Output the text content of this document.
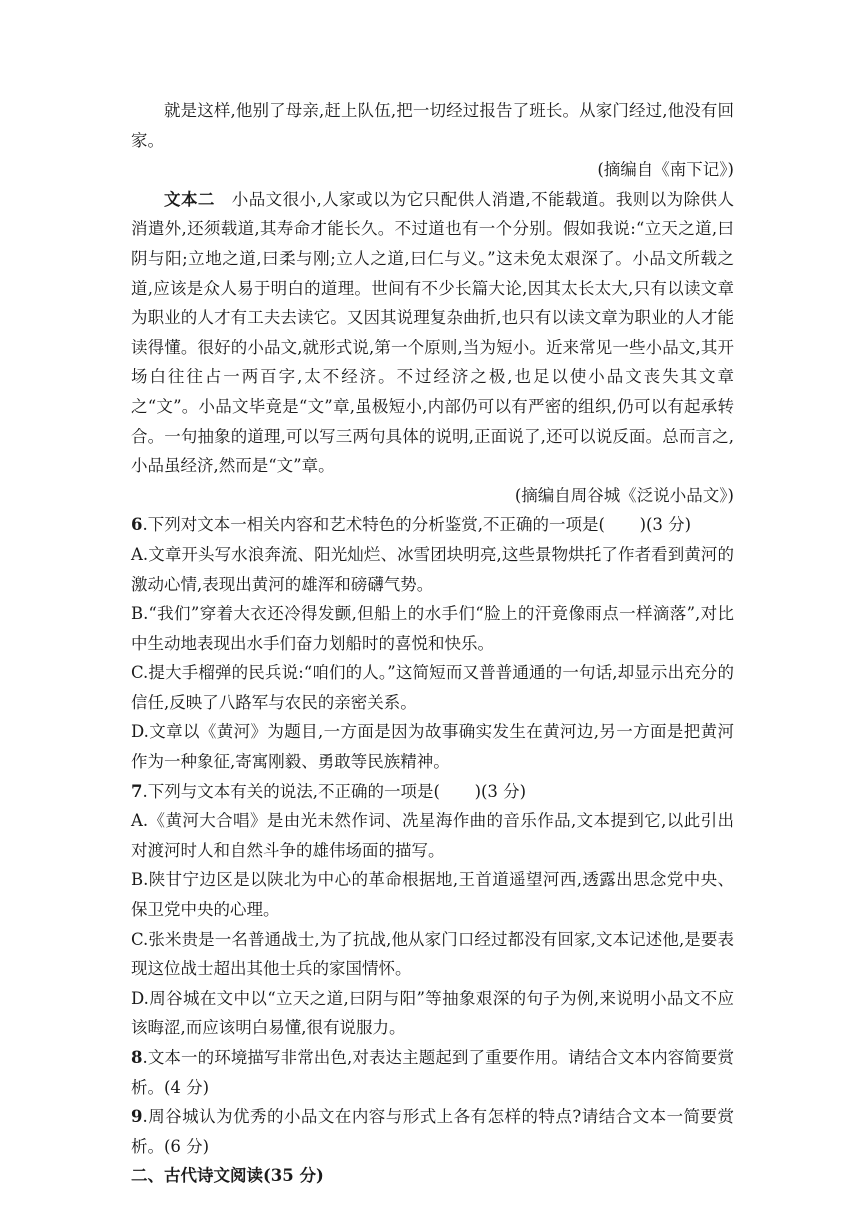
就是这样,他别了母亲,赶上队伍,把一切经过报告了班长。从家门经过,他没有回家。

(摘编自《南下记》)

文本二 小品文很小,人家或以为它只配供人消遣,不能载道。我则以为除供人消遣外,还须载道,其寿命才能长久。不过道也有一个分别。假如我说:“立天之道,曰阴与阳;立地之道,曰柔与刚;立人之道,曰仁与义。”这未免太艰深了。小品文所载之道,应该是众人易于明白的道理。世间有不少长篇大论,因其太长太大,只有以读文章为职业的人才有工夫去读它。又因其说理复杂曲折,也只有以读文章为职业的人才能读得懂。很好的小品文,就形式说,第一个原则,当为短小。近来常见一些小品文,其开场白往往占一两百字,太不经济。不过经济之极,也足以使小品文丧失其文章之“文”。小品文毕竟是“文”章,虽极短小,内部仍可以有严密的组织,仍可以有起承转合。一句抽象的道理,可以写三两句具体的说明,正面说了,还可以说反面。总而言之,小品虽经济,然而是“文”章。

(摘编自周谷城《泛说小品文》)

6.下列对文本一相关内容和艺术特色的分析鉴赏,不正确的一项是( )(3 分)

A.文章开头写水浪奔流、阳光灿烂、冰雪团块明亮,这些景物烘托了作者看到黄河的激动心情,表现出黄河的雄浑和磅礴气势。

B.“我们”穿着大衣还冷得发颤,但船上的水手们“脸上的汗竟像雨点一样滴落”,对比中生动地表现出水手们奋力划船时的喜悦和快乐。

C.提大手榴弹的民兵说:“咱们的人。”这简短而又普普通通的一句话,却显示出充分的信任,反映了八路军与农民的亲密关系。

D.文章以《黄河》为题目,一方面是因为故事确实发生在黄河边,另一方面是把黄河作为一种象征,寄寓刚毅、勇敢等民族精神。

7.下列与文本有关的说法,不正确的一项是( )(3 分)

A.《黄河大合唱》是由光未然作词、冼星海作曲的音乐作品,文本提到它,以此引出对渡河时人和自然斗争的雄伟场面的描写。

B.陕甘宁边区是以陕北为中心的革命根据地,王首道遥望河西,透露出思念党中央、保卫党中央的心理。

C.张米贵是一名普通战士,为了抗战,他从家门口经过都没有回家,文本记述他,是要表现这位战士超出其他士兵的家国情怀。

D.周谷城在文中以“立天之道,曰阴与阳”等抽象艰深的句子为例,来说明小品文不应该晦涩,而应该明白易懂,很有说服力。

8.文本一的环境描写非常出色,对表达主题起到了重要作用。请结合文本内容简要赏析。(4 分)

9.周谷城认为优秀的小品文在内容与形式上各有怎样的特点?请结合文本一简要赏析。(6 分)

二、古代诗文阅读(35 分)
